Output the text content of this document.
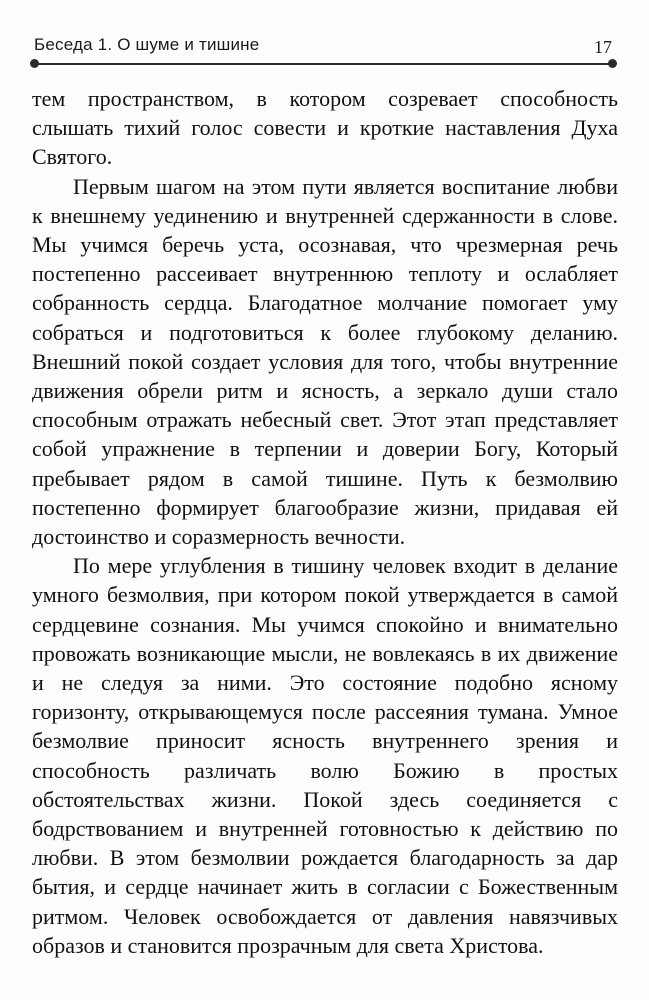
Беседа 1. О шуме и тишине	17

тем пространством, в котором созревает способность слышать тихий голос совести и кроткие наставления Духа Святого.

Первым шагом на этом пути является воспитание любви к внешнему уединению и внутренней сдержанности в слове. Мы учимся беречь уста, осознавая, что чрезмерная речь постепенно рассеивает внутреннюю теплоту и ослабляет собранность сердца. Благодатное молчание помогает уму собраться и подготовиться к более глубокому деланию. Внешний покой создает условия для того, чтобы внутренние движения обрели ритм и ясность, а зеркало души стало способным отражать небесный свет. Этот этап представляет собой упражнение в терпении и доверии Богу, Который пребывает рядом в самой тишине. Путь к безмолвию постепенно формирует благообразие жизни, придавая ей достоинство и соразмерность вечности.

По мере углубления в тишину человек входит в делание умного безмолвия, при котором покой утверждается в самой сердцевине сознания. Мы учимся спокойно и внимательно провожать возникающие мысли, не вовлекаясь в их движение и не следуя за ними. Это состояние подобно ясному горизонту, открывающемуся после рассеяния тумана. Умное безмолвие приносит ясность внутреннего зрения и способность различать волю Божию в простых обстоятельствах жизни. Покой здесь соединяется с бодрствованием и внутренней готовностью к действию по любви. В этом безмолвии рождается благодарность за дар бытия, и сердце начинает жить в согласии с Божественным ритмом. Человек освобождается от давления навязчивых образов и становится прозрачным для света Христова.
